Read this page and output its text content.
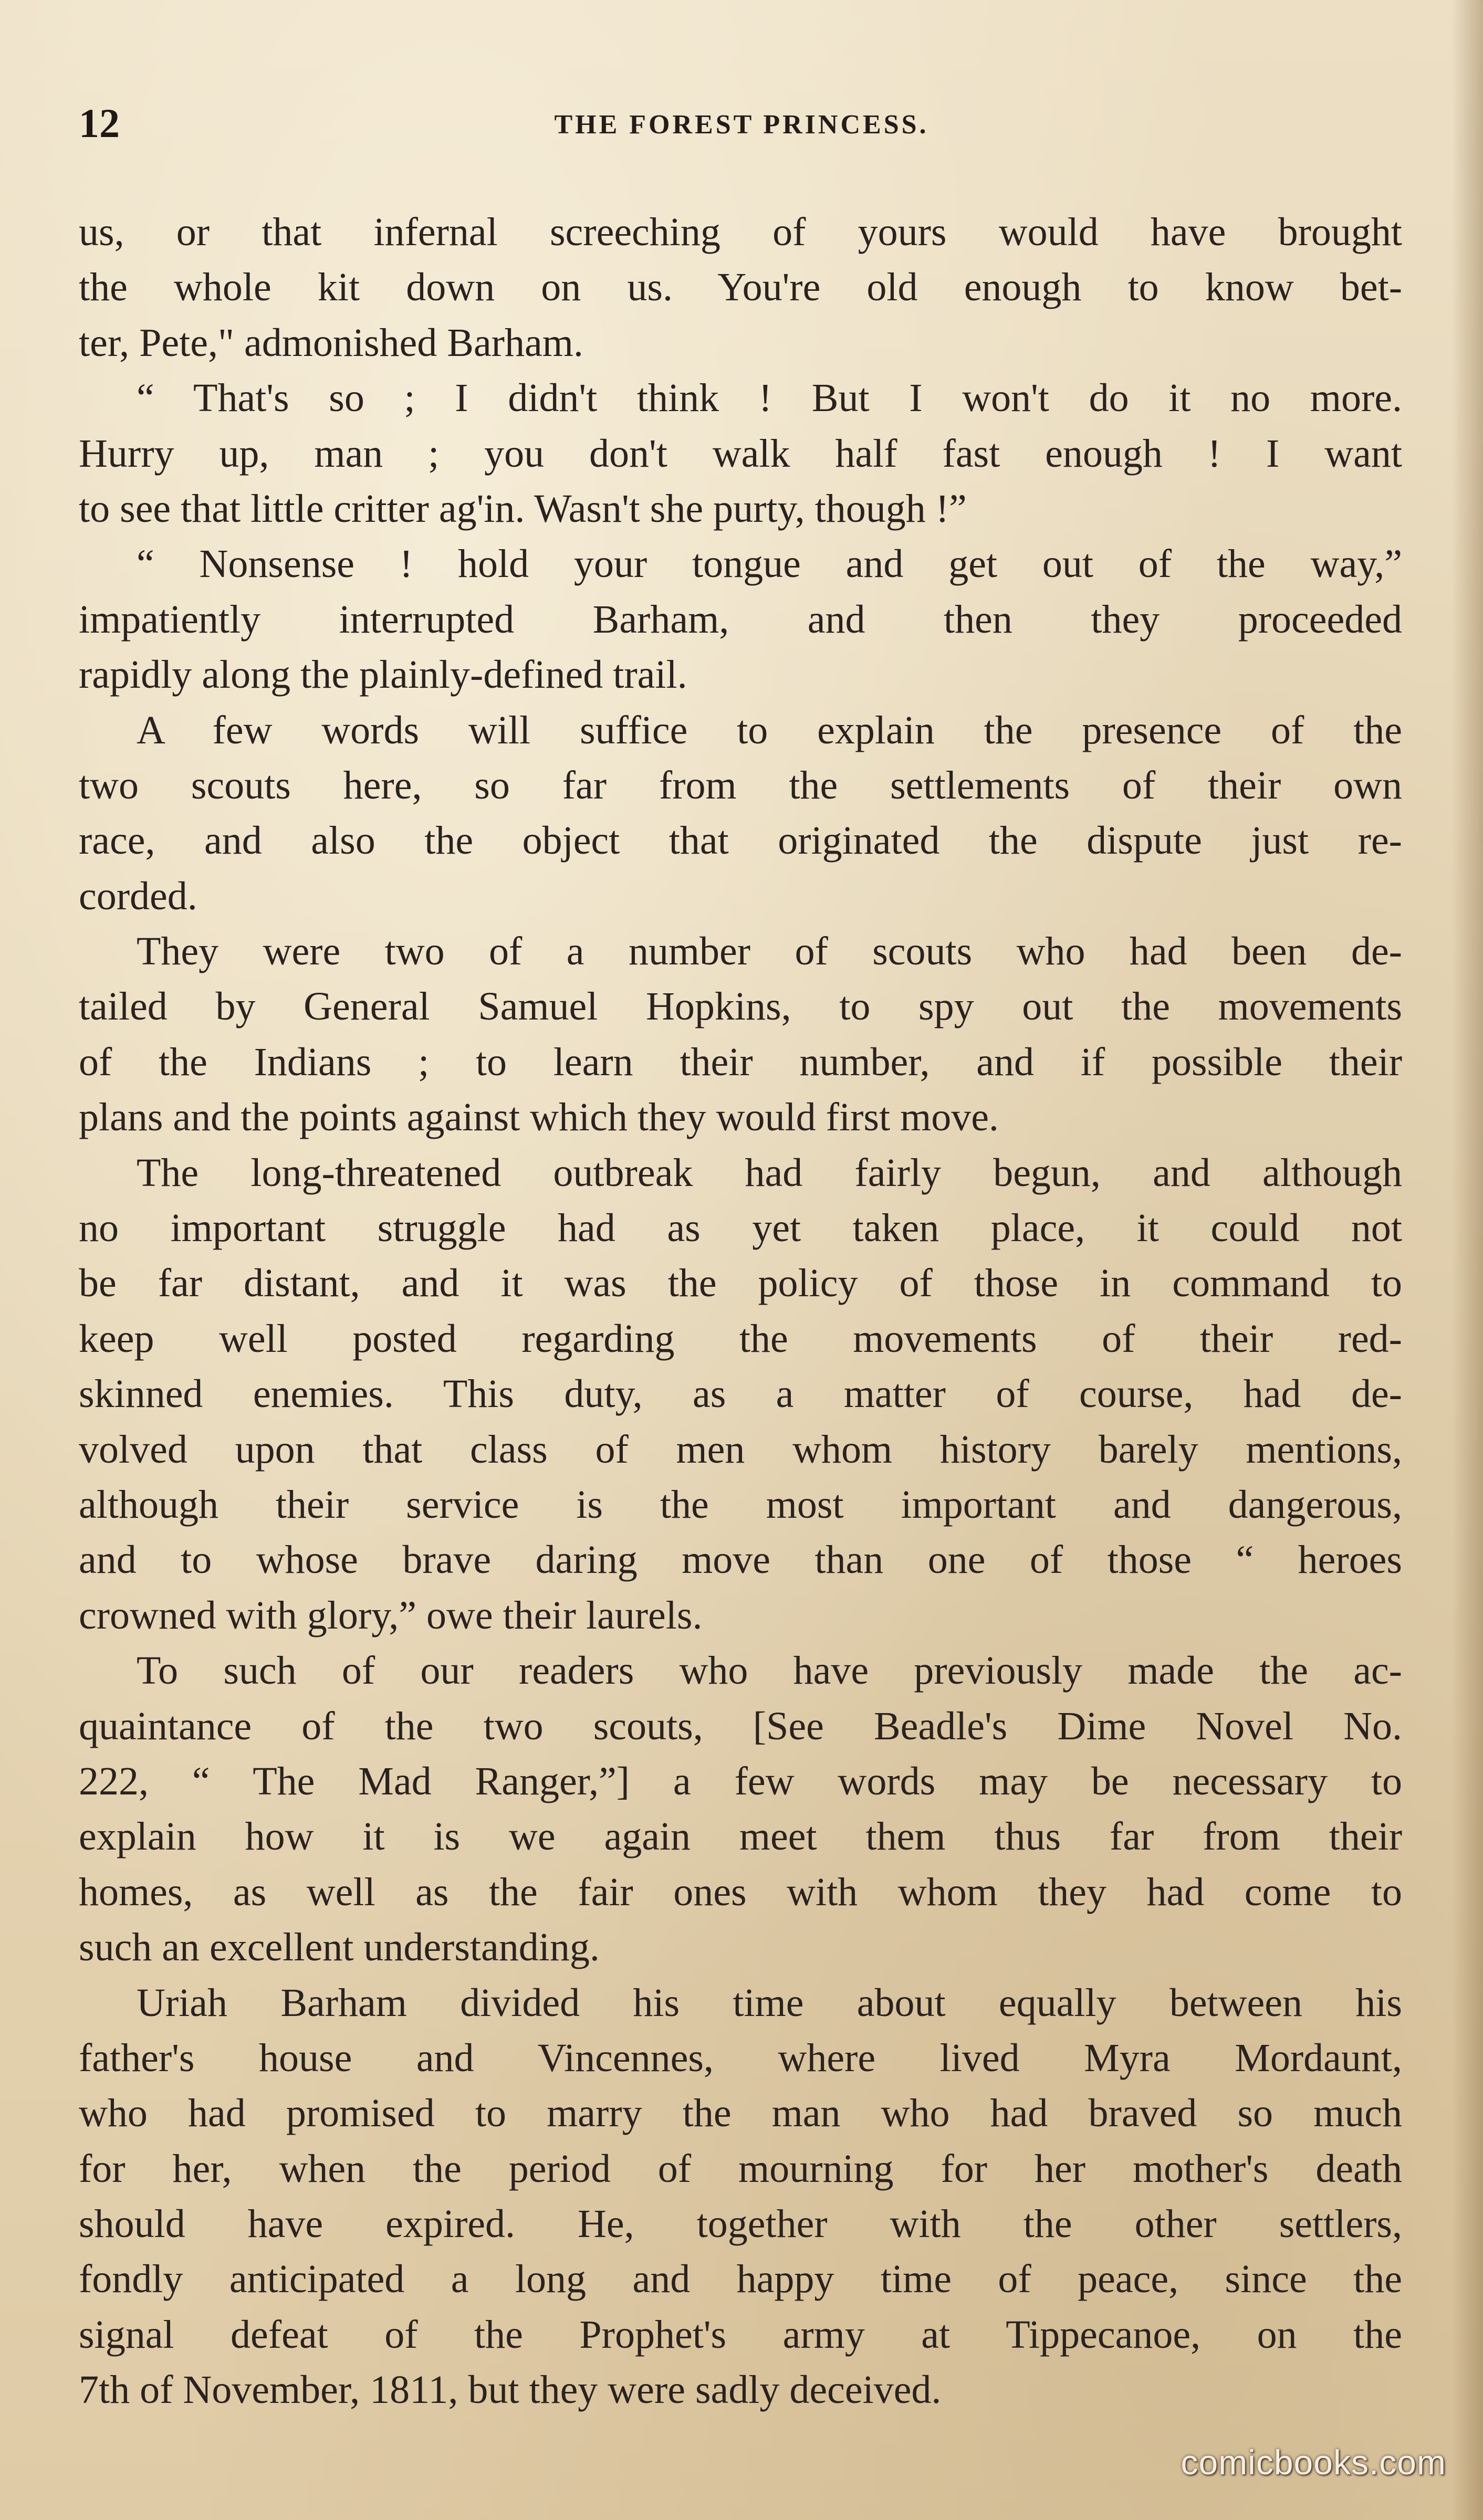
12	THE FOREST PRINCESS.
us, or that infernal screeching of yours would have brought
the whole kit down on us. You're old enough to know bet-
ter, Pete," admonished Barham.
“ That's so ; I didn't think ! But I won't do it no more.
Hurry up, man ; you don't walk half fast enough ! I want
to see that little critter ag'in. Wasn't she purty, though !”
“ Nonsense ! hold your tongue and get out of the way,”
impatiently interrupted Barham, and then they proceeded
rapidly along the plainly-defined trail.
A few words will suffice to explain the presence of the
two scouts here, so far from the settlements of their own
race, and also the object that originated the dispute just re-
corded.
They were two of a number of scouts who had been de-
tailed by General Samuel Hopkins, to spy out the movements
of the Indians ; to learn their number, and if possible their
plans and the points against which they would first move.
The long-threatened outbreak had fairly begun, and although
no important struggle had as yet taken place, it could not
be far distant, and it was the policy of those in command to
keep well posted regarding the movements of their red-
skinned enemies. This duty, as a matter of course, had de-
volved upon that class of men whom history barely mentions,
although their service is the most important and dangerous,
and to whose brave daring move than one of those “ heroes
crowned with glory,” owe their laurels.
To such of our readers who have previously made the ac-
quaintance of the two scouts, [See Beadle's Dime Novel No.
222, “ The Mad Ranger,”] a few words may be necessary to
explain how it is we again meet them thus far from their
homes, as well as the fair ones with whom they had come to
such an excellent understanding.
Uriah Barham divided his time about equally between his
father's house and Vincennes, where lived Myra Mordaunt,
who had promised to marry the man who had braved so much
for her, when the period of mourning for her mother's death
should have expired. He, together with the other settlers,
fondly anticipated a long and happy time of peace, since the
signal defeat of the Prophet's army at Tippecanoe, on the
7th of November, 1811, but they were sadly deceived.
comicbooks.com
